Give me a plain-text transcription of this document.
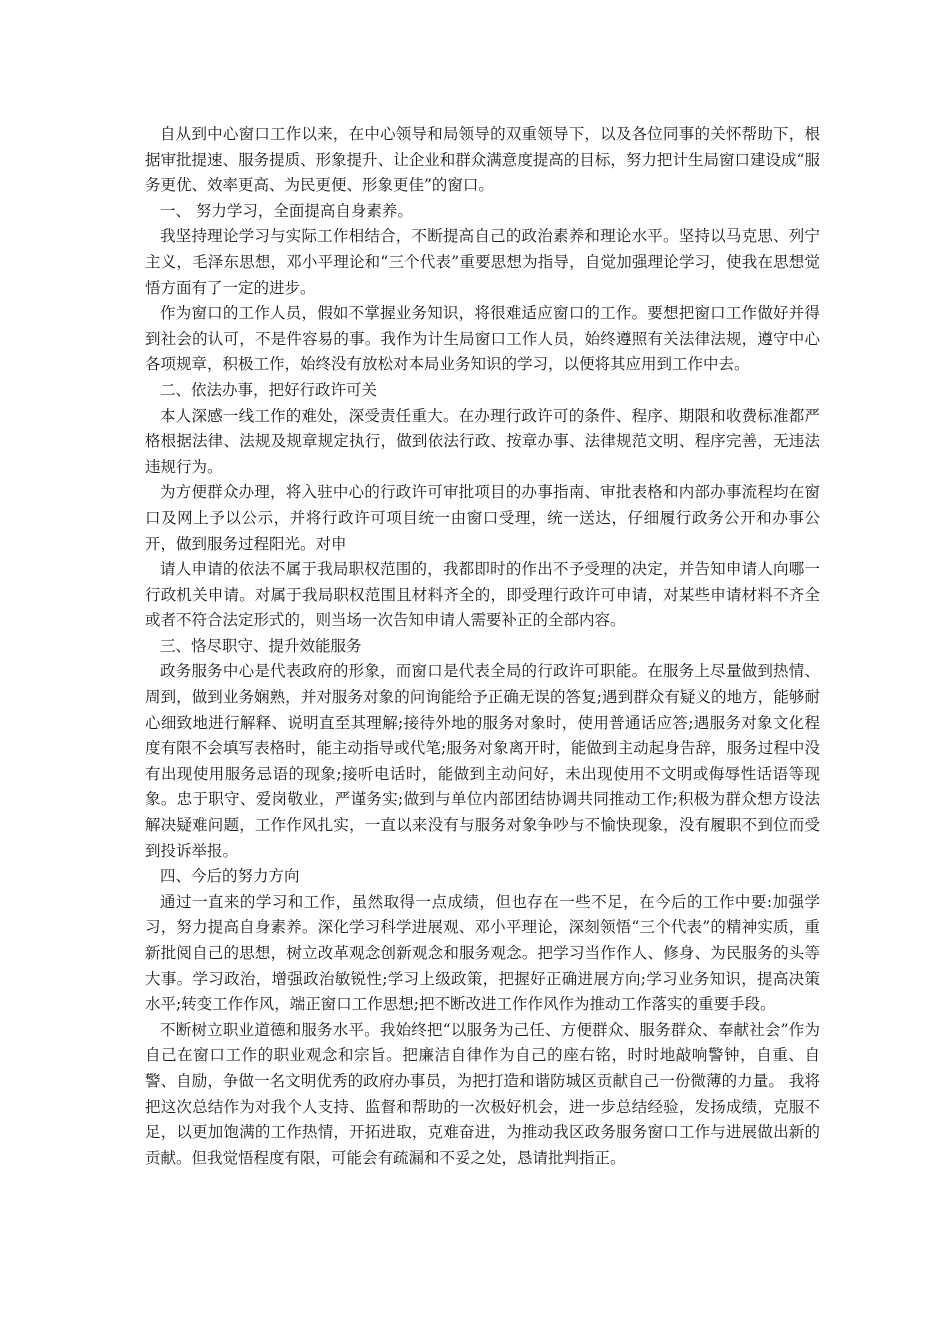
自从到中心窗口工作以来，在中心领导和局领导的双重领导下，以及各位同事的关怀帮助下，根据审批提速、服务提质、形象提升、让企业和群众满意度提高的目标，努力把计生局窗口建设成“服务更优、效率更高、为民更便、形象更佳”的窗口。

一、 努力学习，全面提高自身素养。

我坚持理论学习与实际工作相结合，不断提高自己的政治素养和理论水平。坚持以马克思、列宁主义，毛泽东思想，邓小平理论和“三个代表”重要思想为指导，自觉加强理论学习，使我在思想觉悟方面有了一定的进步。

作为窗口的工作人员，假如不掌握业务知识，将很难适应窗口的工作。要想把窗口工作做好并得到社会的认可，不是件容易的事。我作为计生局窗口工作人员，始终遵照有关法律法规，遵守中心各项规章，积极工作，始终没有放松对本局业务知识的学习，以便将其应用到工作中去。

二、依法办事，把好行政许可关

本人深感一线工作的难处，深受责任重大。在办理行政许可的条件、程序、期限和收费标准都严格根据法律、法规及规章规定执行，做到依法行政、按章办事、法律规范文明、程序完善，无违法违规行为。

为方便群众办理，将入驻中心的行政许可审批项目的办事指南、审批表格和内部办事流程均在窗口及网上予以公示，并将行政许可项目统一由窗口受理，统一送达，仔细履行政务公开和办事公开，做到服务过程阳光。对申

请人申请的依法不属于我局职权范围的，我都即时的作出不予受理的决定，并告知申请人向哪一行政机关申请。对属于我局职权范围且材料齐全的，即受理行政许可申请，对某些申请材料不齐全或者不符合法定形式的，则当场一次告知申请人需要补正的全部内容。

三、恪尽职守、提升效能服务

政务服务中心是代表政府的形象，而窗口是代表全局的行政许可职能。在服务上尽量做到热情、周到，做到业务娴熟，并对服务对象的问询能给予正确无误的答复;遇到群众有疑义的地方，能够耐心细致地进行解释、说明直至其理解;接待外地的服务对象时，使用普通话应答;遇服务对象文化程度有限不会填写表格时，能主动指导或代笔;服务对象离开时，能做到主动起身告辞，服务过程中没有出现使用服务忌语的现象;接听电话时，能做到主动问好，未出现使用不文明或侮辱性话语等现象。忠于职守、爱岗敬业，严谨务实;做到与单位内部团结协调共同推动工作;积极为群众想方设法解决疑难问题，工作作风扎实，一直以来没有与服务对象争吵与不愉快现象，没有履职不到位而受到投诉举报。

四、今后的努力方向

通过一直来的学习和工作，虽然取得一点成绩，但也存在一些不足，在今后的工作中要:加强学习，努力提高自身素养。深化学习科学进展观、邓小平理论，深刻领悟“三个代表”的精神实质，重新批阅自己的思想，树立改革观念创新观念和服务观念。把学习当作作人、修身、为民服务的头等大事。学习政治，增强政治敏锐性;学习上级政策，把握好正确进展方向;学习业务知识，提高决策水平;转变工作作风，端正窗口工作思想;把不断改进工作作风作为推动工作落实的重要手段。

不断树立职业道德和服务水平。我始终把“以服务为己任、方便群众、服务群众、奉献社会”作为自己在窗口工作的职业观念和宗旨。把廉洁自律作为自己的座右铭，时时地敲响警钟，自重、自警、自励，争做一名文明优秀的政府办事员，为把打造和谐防城区贡献自己一份微薄的力量。 我将把这次总结作为对我个人支持、监督和帮助的一次极好机会，进一步总结经验，发扬成绩，克服不足，以更加饱满的工作热情，开拓进取，克难奋进，为推动我区政务服务窗口工作与进展做出新的贡献。但我觉悟程度有限，可能会有疏漏和不妥之处，恳请批判指正。
